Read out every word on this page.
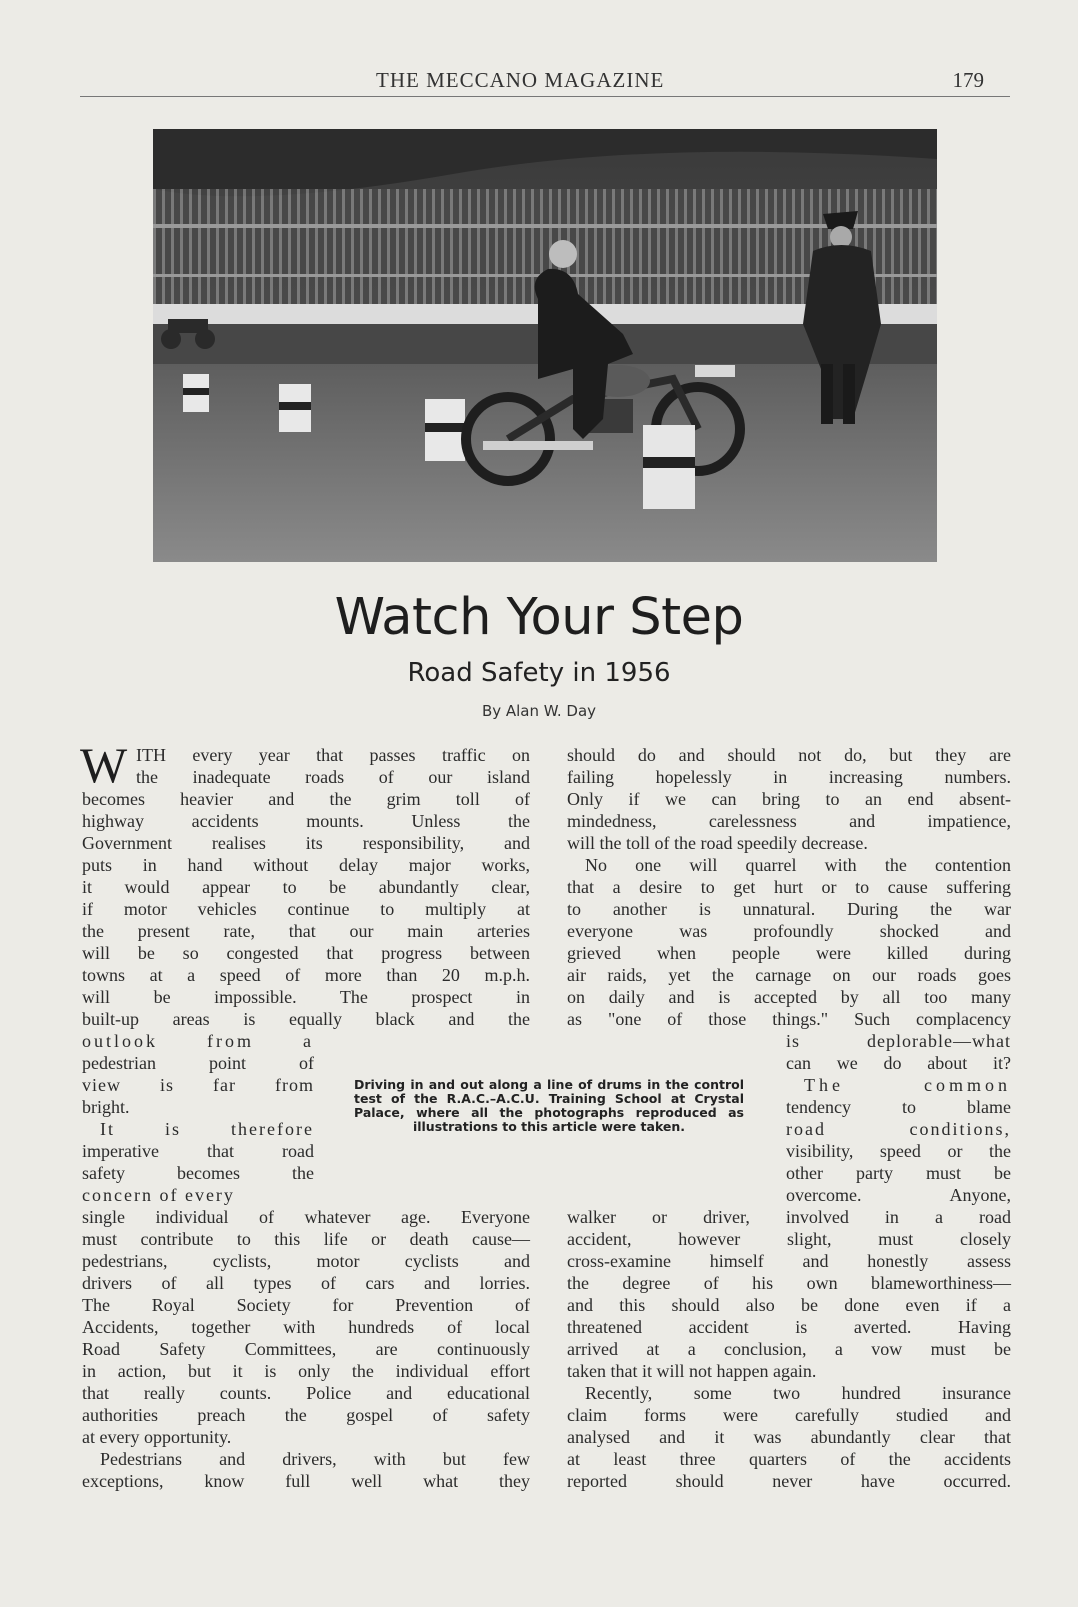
THE MECCANO MAGAZINE	179
Watch Your Step
Road Safety in 1956
By Alan W. Day
W ITH every year that passes traffic on
the inadequate roads of our island
becomes heavier and the grim toll of
highway accidents mounts. Unless the
Government realises its responsibility, and
puts in hand without delay major works,
it would appear to be abundantly clear,
if motor vehicles continue to multiply at
the present rate, that our main arteries
will be so congested that progress between
towns at a speed of more than 20 m.p.h.
will be impossible. The prospect in
built-up areas is equally black and the
outlook from a
pedestrian point of
view is far from
bright.
It is therefore
imperative that road
safety becomes the
concern of every
single individual of whatever age. Everyone
must contribute to this life or death cause—
pedestrians, cyclists, motor cyclists and
drivers of all types of cars and lorries.
The Royal Society for Prevention of
Accidents, together with hundreds of local
Road Safety Committees, are continuously
in action, but it is only the individual effort
that really counts. Police and educational
authorities preach the gospel of safety
at every opportunity.
Pedestrians and drivers, with but few
exceptions, know full well what they
should do and should not do, but they are
failing hopelessly in increasing numbers.
Only if we can bring to an end absent-
mindedness, carelessness and impatience,
will the toll of the road speedily decrease.
No one will quarrel with the contention
that a desire to get hurt or to cause suffering
to another is unnatural. During the war
everyone was profoundly shocked and
grieved when people were killed during
air raids, yet the carnage on our roads goes
on daily and is accepted by all too many
as "one of those things." Such complacency
is deplorable—what
can we do about it?
The common
tendency to blame
road conditions,
visibility, speed or the
other party must be
overcome. Anyone,
walker or driver, involved in a road
accident, however slight, must closely
cross-examine himself and honestly assess
the degree of his own blameworthiness—
and this should also be done even if a
threatened accident is averted. Having
arrived at a conclusion, a vow must be
taken that it will not happen again.
Recently, some two hundred insurance
claim forms were carefully studied and
analysed and it was abundantly clear that
at least three quarters of the accidents
reported should never have occurred.
Driving in and out along a line of drums in the control test of the R.A.C.–A.C.U. Training School at Crystal Palace, where all the photographs reproduced as illustrations to this article were taken.
